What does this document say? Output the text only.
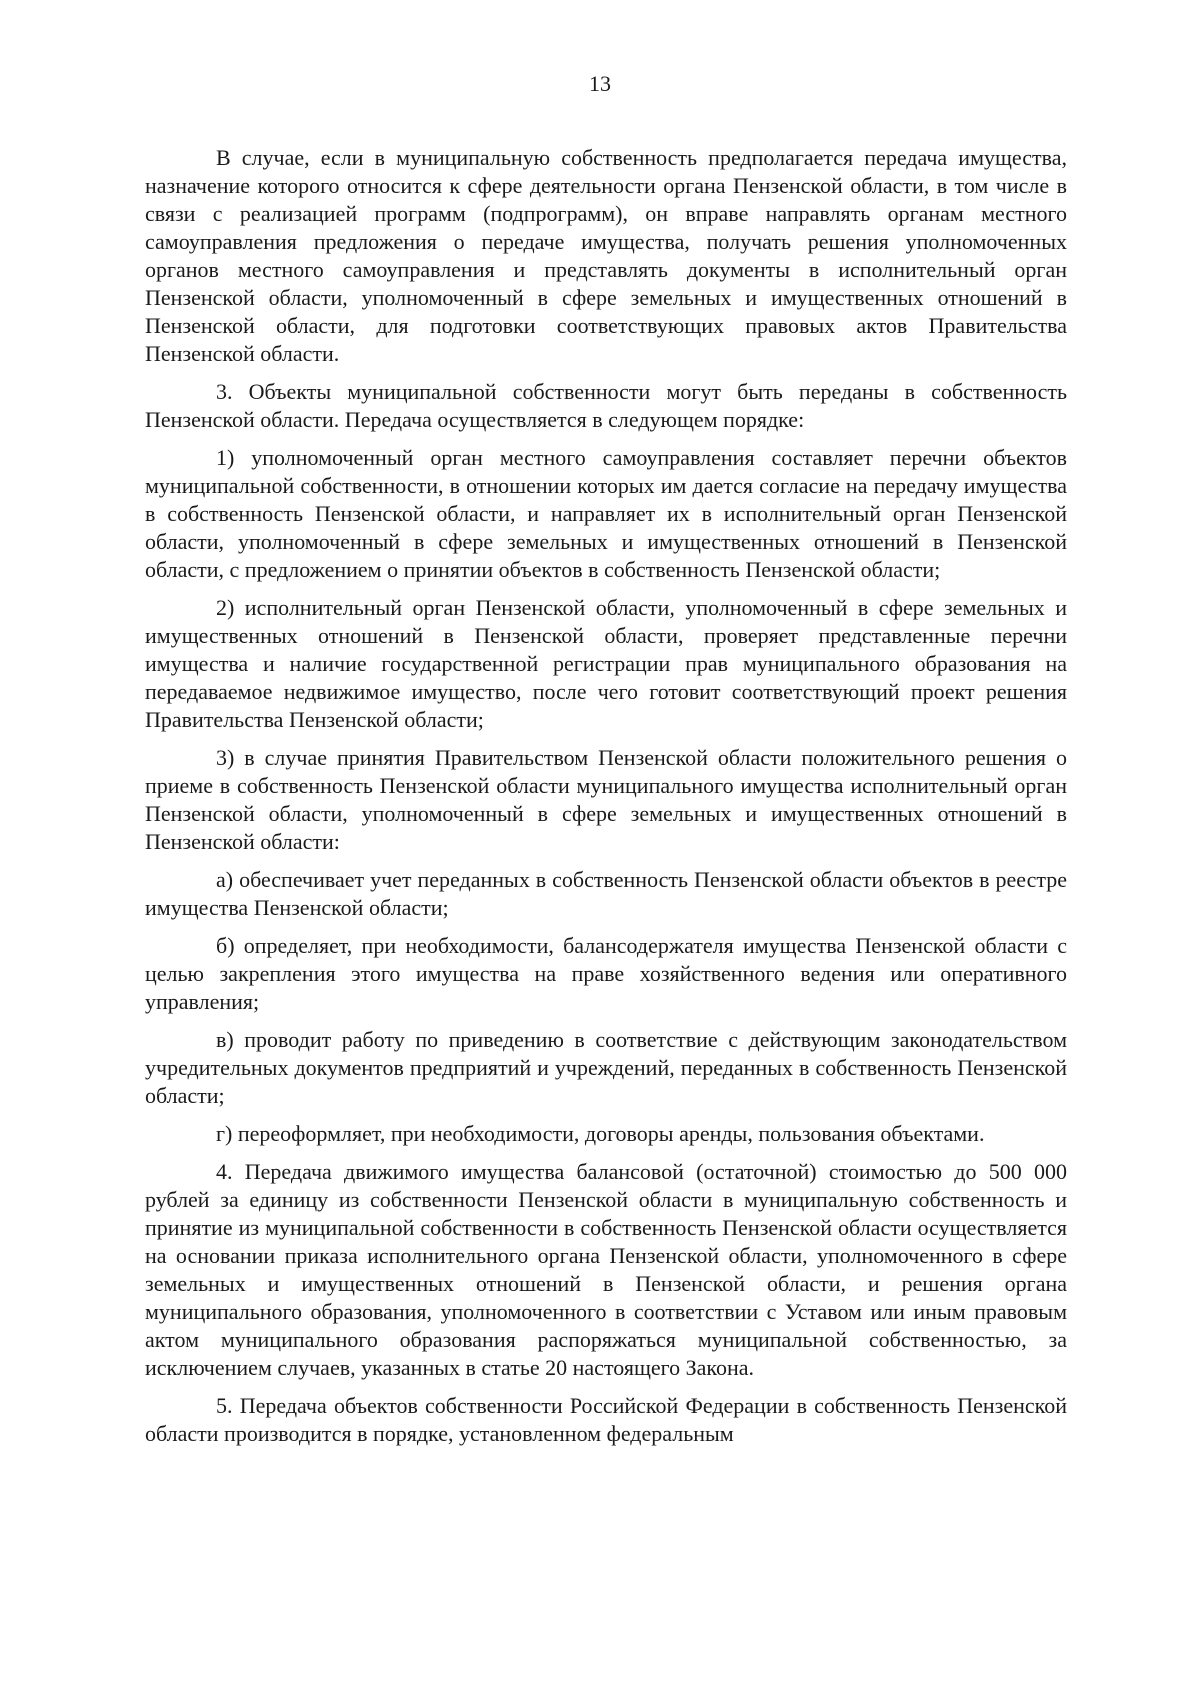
13

В случае, если в муниципальную собственность предполагается передача имущества, назначение которого относится к сфере деятельности органа Пензенской области, в том числе в связи с реализацией программ (подпрограмм), он вправе направлять органам местного самоуправления предложения о передаче имущества, получать решения уполномоченных органов местного самоуправления и представлять документы в исполнительный орган Пензенской области, уполномоченный в сфере земельных и имущественных отношений в Пензенской области, для подготовки соответствующих правовых актов Правительства Пензенской области.

3. Объекты муниципальной собственности могут быть переданы в собственность Пензенской области. Передача осуществляется в следующем порядке:

1) уполномоченный орган местного самоуправления составляет перечни объектов муниципальной собственности, в отношении которых им дается согласие на передачу имущества в собственность Пензенской области, и направляет их в исполнительный орган Пензенской области, уполномоченный в сфере земельных и имущественных отношений в Пензенской области, с предложением о принятии объектов в собственность Пензенской области;

2) исполнительный орган Пензенской области, уполномоченный в сфере земельных и имущественных отношений в Пензенской области, проверяет представленные перечни имущества и наличие государственной регистрации прав муниципального образования на передаваемое недвижимое имущество, после чего готовит соответствующий проект решения Правительства Пензенской области;

3) в случае принятия Правительством Пензенской области положительного решения о приеме в собственность Пензенской области муниципального имущества исполнительный орган Пензенской области, уполномоченный в сфере земельных и имущественных отношений в Пензенской области:

а) обеспечивает учет переданных в собственность Пензенской области объектов в реестре имущества Пензенской области;

б) определяет, при необходимости, балансодержателя имущества Пензенской области с целью закрепления этого имущества на праве хозяйственного ведения или оперативного управления;

в) проводит работу по приведению в соответствие с действующим законодательством учредительных документов предприятий и учреждений, переданных в собственность Пензенской области;

г) переоформляет, при необходимости, договоры аренды, пользования объектами.

4. Передача движимого имущества балансовой (остаточной) стоимостью до 500 000 рублей за единицу из собственности Пензенской области в муниципальную собственность и принятие из муниципальной собственности в собственность Пензенской области осуществляется на основании приказа исполнительного органа Пензенской области, уполномоченного в сфере земельных и имущественных отношений в Пензенской области, и решения органа муниципального образования, уполномоченного в соответствии с Уставом или иным правовым актом муниципального образования распоряжаться муниципальной собственностью, за исключением случаев, указанных в статье 20 настоящего Закона.

5. Передача объектов собственности Российской Федерации в собственность Пензенской области производится в порядке, установленном федеральным
